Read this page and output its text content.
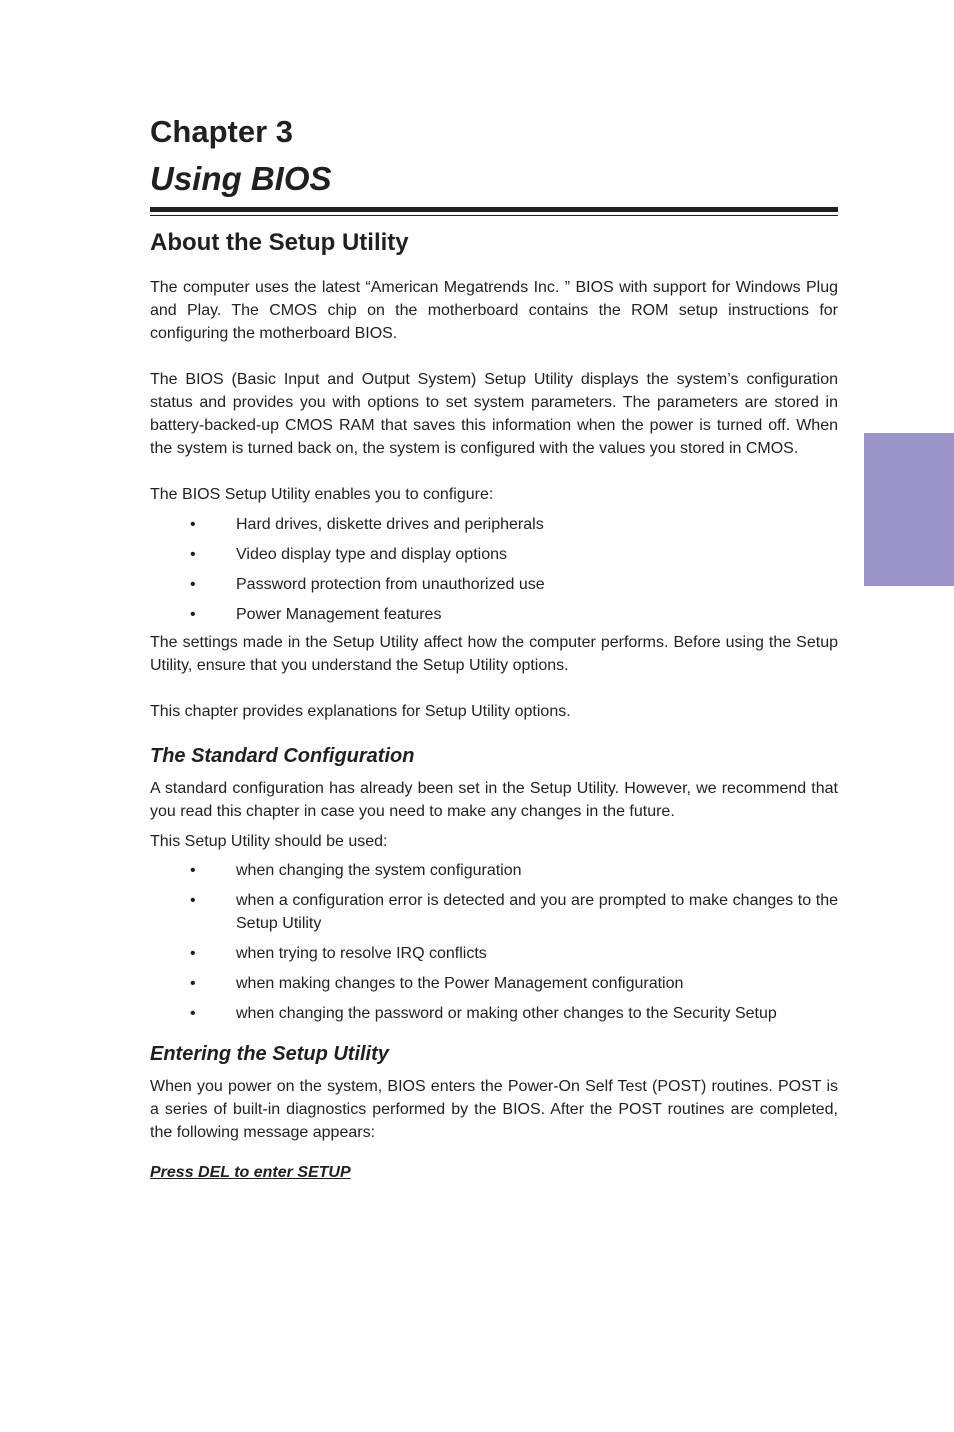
Chapter 3
Using BIOS
About the Setup Utility

The computer uses the latest “American Megatrends Inc. ” BIOS with support for Windows Plug and Play. The CMOS chip on the motherboard contains the ROM setup instructions for configuring the motherboard BIOS.

The BIOS (Basic Input and Output System) Setup Utility displays the system’s configuration status and provides you with options to set system parameters. The parameters are stored in battery-backed-up CMOS RAM that saves this information when the power is turned off. When the system is turned back on, the system is configured with the values you stored in CMOS.

The BIOS Setup Utility enables you to configure:

•	Hard drives, diskette drives and peripherals
•	Video display type and display options
•	Password protection from unauthorized use
•	Power Management features

The settings made in the Setup Utility affect how the computer performs. Before using the Setup Utility, ensure that you understand the Setup Utility options.

This chapter provides explanations for Setup Utility options.

The Standard Configuration

A standard configuration has already been set in the Setup Utility. However, we recommend that you read this chapter in case you need to make any changes in the future.

This Setup Utility should be used:

•	when changing the system configuration
•	when a configuration error is detected and you are prompted to make changes to the Setup Utility
•	when trying to resolve IRQ conflicts
•	when making changes to the Power Management configuration
•	when changing the password or making other changes to the Security Setup
Entering the Setup Utility

When you power on the system, BIOS enters the Power-On Self Test (POST) routines. POST is a series of built-in diagnostics performed by the BIOS. After the POST routines are completed, the following message appears:

Press DEL to enter SETUP
